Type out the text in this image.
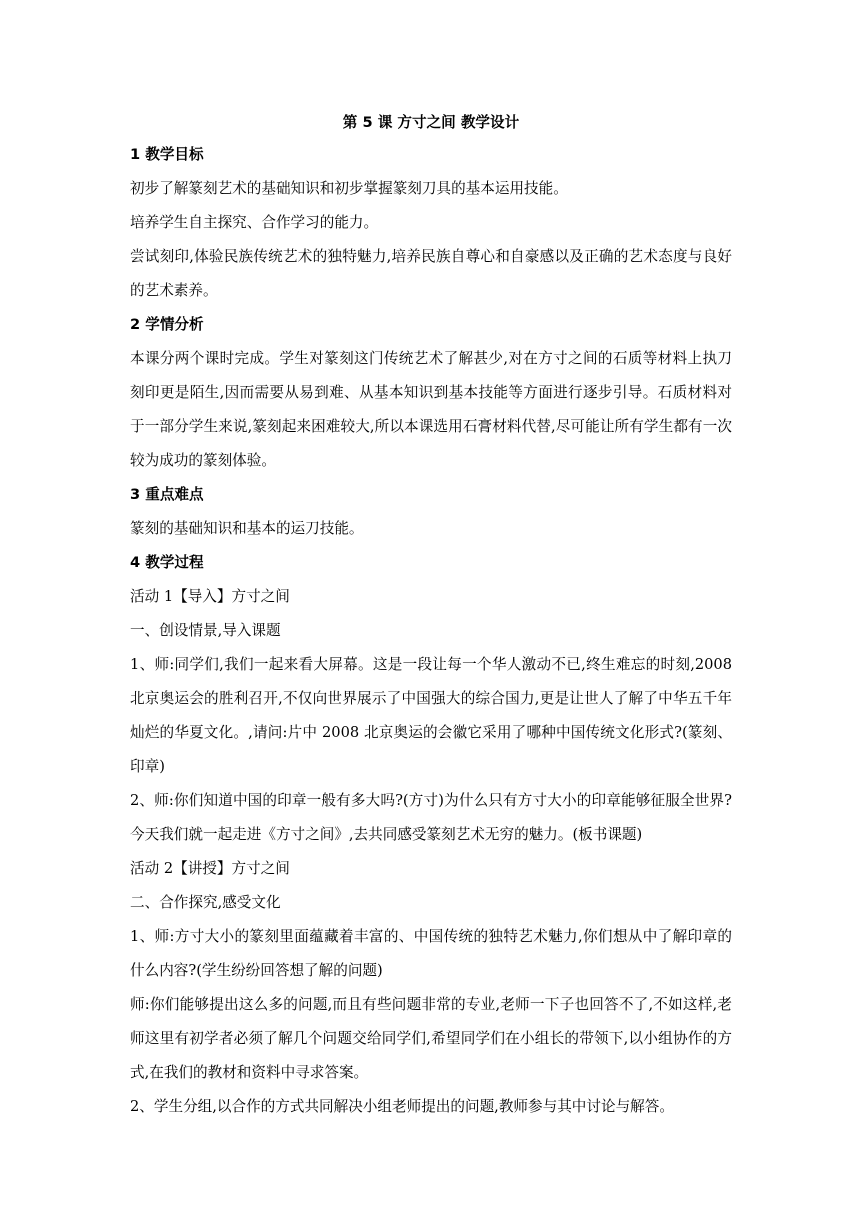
第 5 课 方寸之间 教学设计
1 教学目标

初步了解篆刻艺术的基础知识和初步掌握篆刻刀具的基本运用技能。

培养学生自主探究、合作学习的能力。

尝试刻印,体验民族传统艺术的独特魅力,培养民族自尊心和自豪感以及正确的艺术态度与良好的艺术素养。

2 学情分析

本课分两个课时完成。学生对篆刻这门传统艺术了解甚少,对在方寸之间的石质等材料上执刀刻印更是陌生,因而需要从易到难、从基本知识到基本技能等方面进行逐步引导。石质材料对于一部分学生来说,篆刻起来困难较大,所以本课选用石膏材料代替,尽可能让所有学生都有一次较为成功的篆刻体验。

3 重点难点

篆刻的基础知识和基本的运刀技能。

4 教学过程

活动 1【导入】方寸之间

一、创设情景,导入课题

1、师:同学们,我们一起来看大屏幕。这是一段让每一个华人激动不已,终生难忘的时刻,2008 北京奥运会的胜利召开,不仅向世界展示了中国强大的综合国力,更是让世人了解了中华五千年灿烂的华夏文化。,请问:片中 2008 北京奥运的会徽它采用了哪种中国传统文化形式?(篆刻、印章)

2、师:你们知道中国的印章一般有多大吗?(方寸)为什么只有方寸大小的印章能够征服全世界?今天我们就一起走进《方寸之间》,去共同感受篆刻艺术无穷的魅力。(板书课题)

活动 2【讲授】方寸之间

二、合作探究,感受文化

1、师:方寸大小的篆刻里面蕴藏着丰富的、中国传统的独特艺术魅力,你们想从中了解印章的什么内容?(学生纷纷回答想了解的问题)

师:你们能够提出这么多的问题,而且有些问题非常的专业,老师一下子也回答不了,不如这样,老师这里有初学者必须了解几个问题交给同学们,希望同学们在小组长的带领下,以小组协作的方式,在我们的教材和资料中寻求答案。

2、学生分组,以合作的方式共同解决小组老师提出的问题,教师参与其中讨论与解答。
